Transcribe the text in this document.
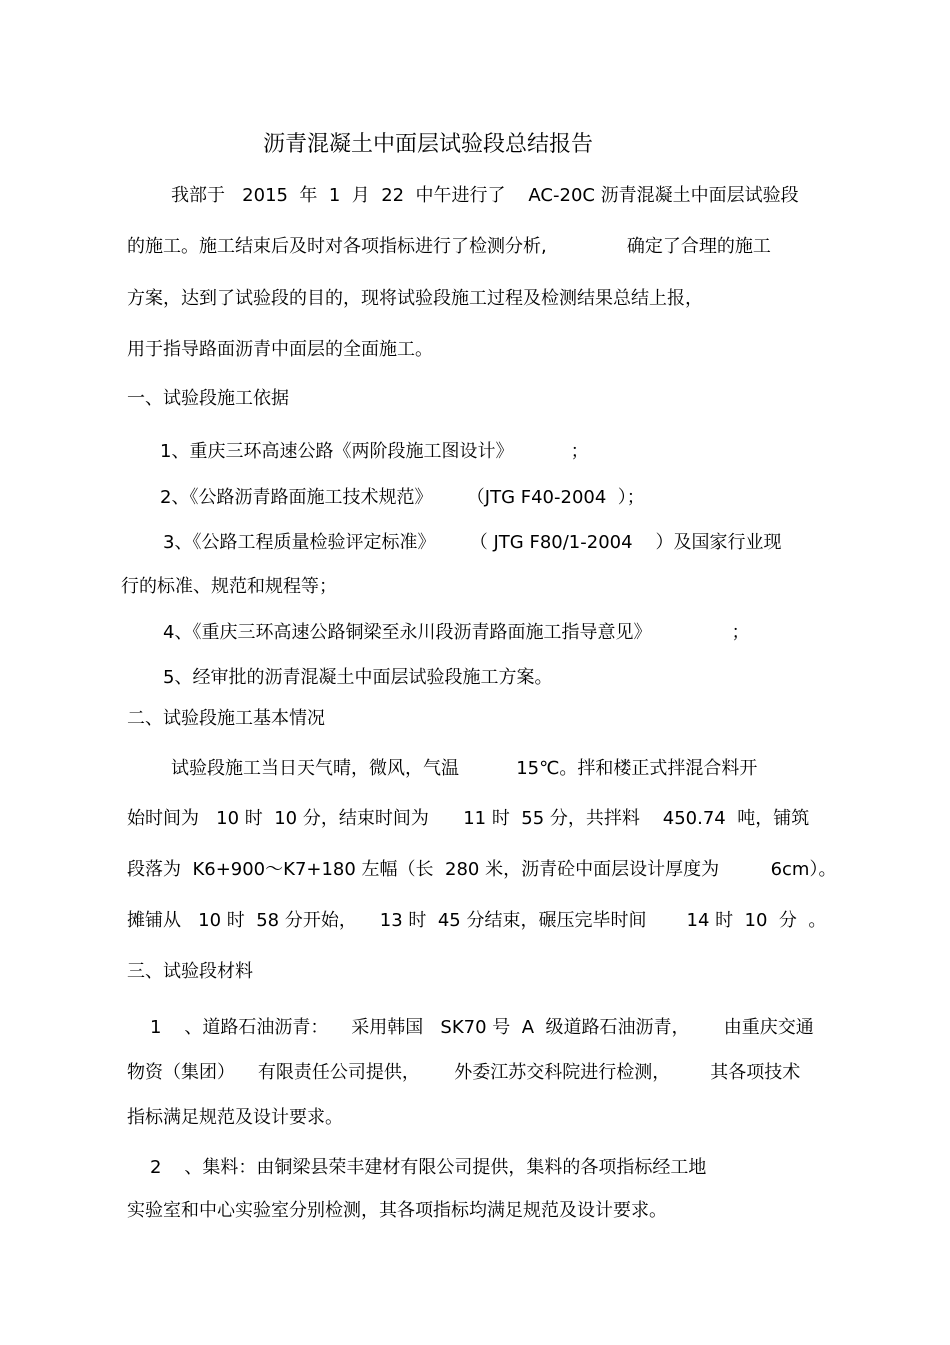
沥青混凝土中面层试验段总结报告
我部于   2015  年  1  月  22  中午进行了    AC-20C 沥青混凝土中面层试验段
的施工。施工结束后及时对各项指标进行了检测分析,              确定了合理的施工
方案，达到了试验段的目的，现将试验段施工过程及检测结果总结上报，
用于指导路面沥青中面层的全面施工。
一、试验段施工依据
1、重庆三环高速公路《两阶段施工图设计》          ；
2、《公路沥青路面施工技术规范》      （JTG F40-2004  ）；
3、《公路工程质量检验评定标准》      （ JTG F80/1-2004    ）及国家行业现
行的标准、规范和规程等；
4、《重庆三环高速公路铜梁至永川段沥青路面施工指导意见》              ；
5、经审批的沥青混凝土中面层试验段施工方案。
二、试验段施工基本情况
试验段施工当日天气晴，微风，气温          15℃。拌和楼正式拌混合料开
始时间为   10 时  10 分，结束时间为      11 时  55 分，共拌料    450.74  吨，铺筑
段落为  K6+900～K7+180 左幅（长  280 米，沥青砼中面层设计厚度为         6cm）。
摊铺从   10 时  58 分开始，    13 时  45 分结束，碾压完毕时间       14 时  10  分  。
三、试验段材料
1    、道路石油沥青：    采用韩国   SK70 号  A  级道路石油沥青，      由重庆交通
物资（集团）    有限责任公司提供，      外委江苏交科院进行检测，       其各项技术
指标满足规范及设计要求。
2    、集料：由铜梁县荣丰建材有限公司提供，集料的各项指标经工地
实验室和中心实验室分别检测，其各项指标均满足规范及设计要求。
